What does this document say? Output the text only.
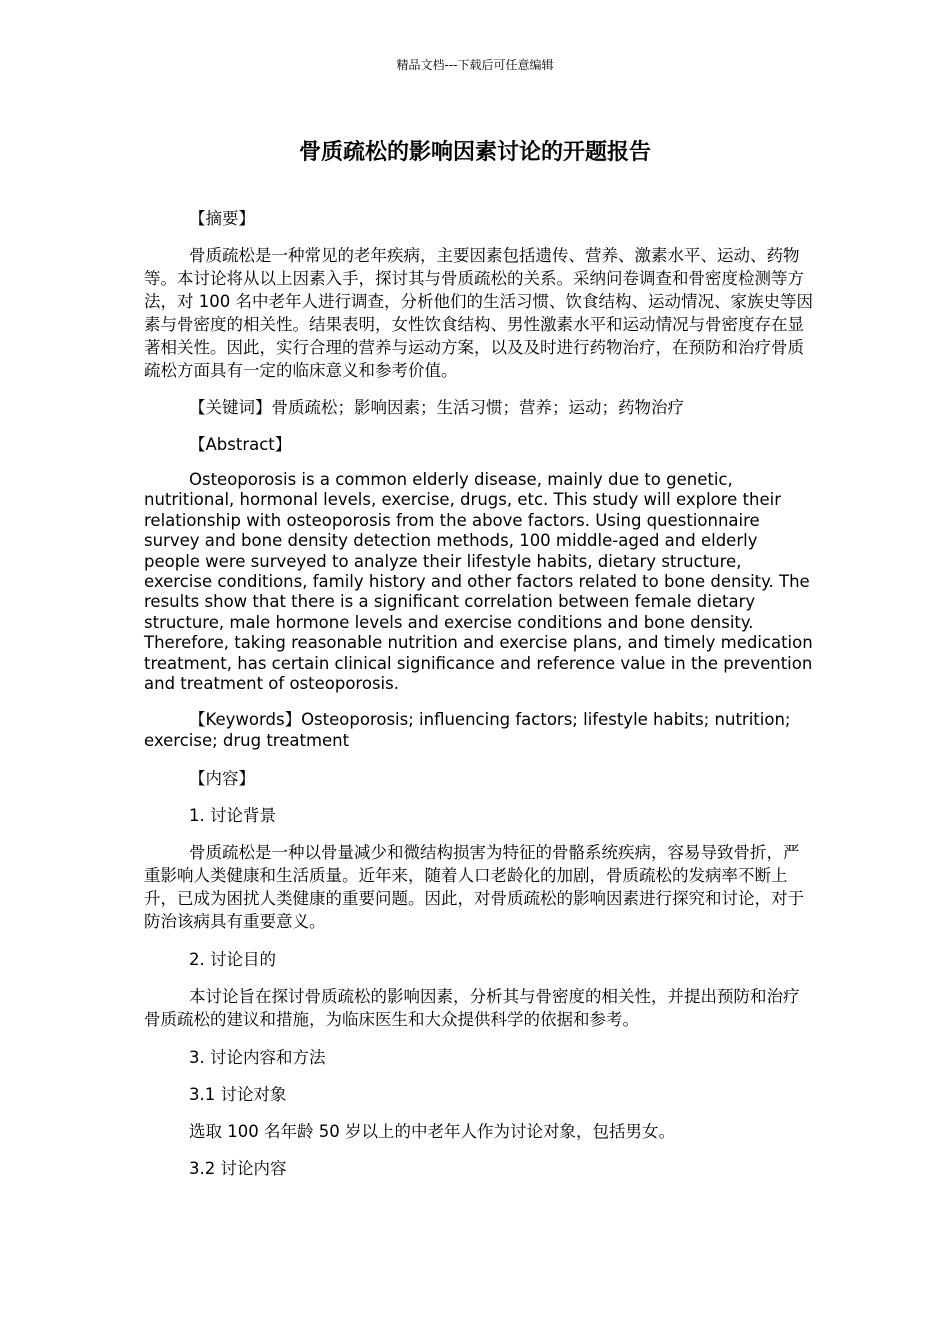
精品文档---下载后可任意编辑
骨质疏松的影响因素讨论的开题报告

【摘要】

骨质疏松是一种常见的老年疾病，主要因素包括遗传、营养、激素水平、运动、药物等。本讨论将从以上因素入手，探讨其与骨质疏松的关系。采纳问卷调查和骨密度检测等方法，对 100 名中老年人进行调查，分析他们的生活习惯、饮食结构、运动情况、家族史等因素与骨密度的相关性。结果表明，女性饮食结构、男性激素水平和运动情况与骨密度存在显著相关性。因此，实行合理的营养与运动方案，以及及时进行药物治疗，在预防和治疗骨质疏松方面具有一定的临床意义和参考价值。

【关键词】骨质疏松；影响因素；生活习惯；营养；运动；药物治疗

【Abstract】

Osteoporosis is a common elderly disease, mainly due to genetic, nutritional, hormonal levels, exercise, drugs, etc. This study will explore their relationship with osteoporosis from the above factors. Using questionnaire survey and bone density detection methods, 100 middle-aged and elderly people were surveyed to analyze their lifestyle habits, dietary structure, exercise conditions, family history and other factors related to bone density. The results show that there is a significant correlation between female dietary structure, male hormone levels and exercise conditions and bone density. Therefore, taking reasonable nutrition and exercise plans, and timely medication treatment, has certain clinical significance and reference value in the prevention and treatment of osteoporosis.

【Keywords】Osteoporosis; influencing factors; lifestyle habits; nutrition; exercise; drug treatment

【内容】

1. 讨论背景

骨质疏松是一种以骨量减少和微结构损害为特征的骨骼系统疾病，容易导致骨折，严重影响人类健康和生活质量。近年来，随着人口老龄化的加剧，骨质疏松的发病率不断上升，已成为困扰人类健康的重要问题。因此，对骨质疏松的影响因素进行探究和讨论，对于防治该病具有重要意义。

2. 讨论目的

本讨论旨在探讨骨质疏松的影响因素，分析其与骨密度的相关性，并提出预防和治疗骨质疏松的建议和措施，为临床医生和大众提供科学的依据和参考。

3. 讨论内容和方法

3.1 讨论对象

选取 100 名年龄 50 岁以上的中老年人作为讨论对象，包括男女。

3.2 讨论内容
